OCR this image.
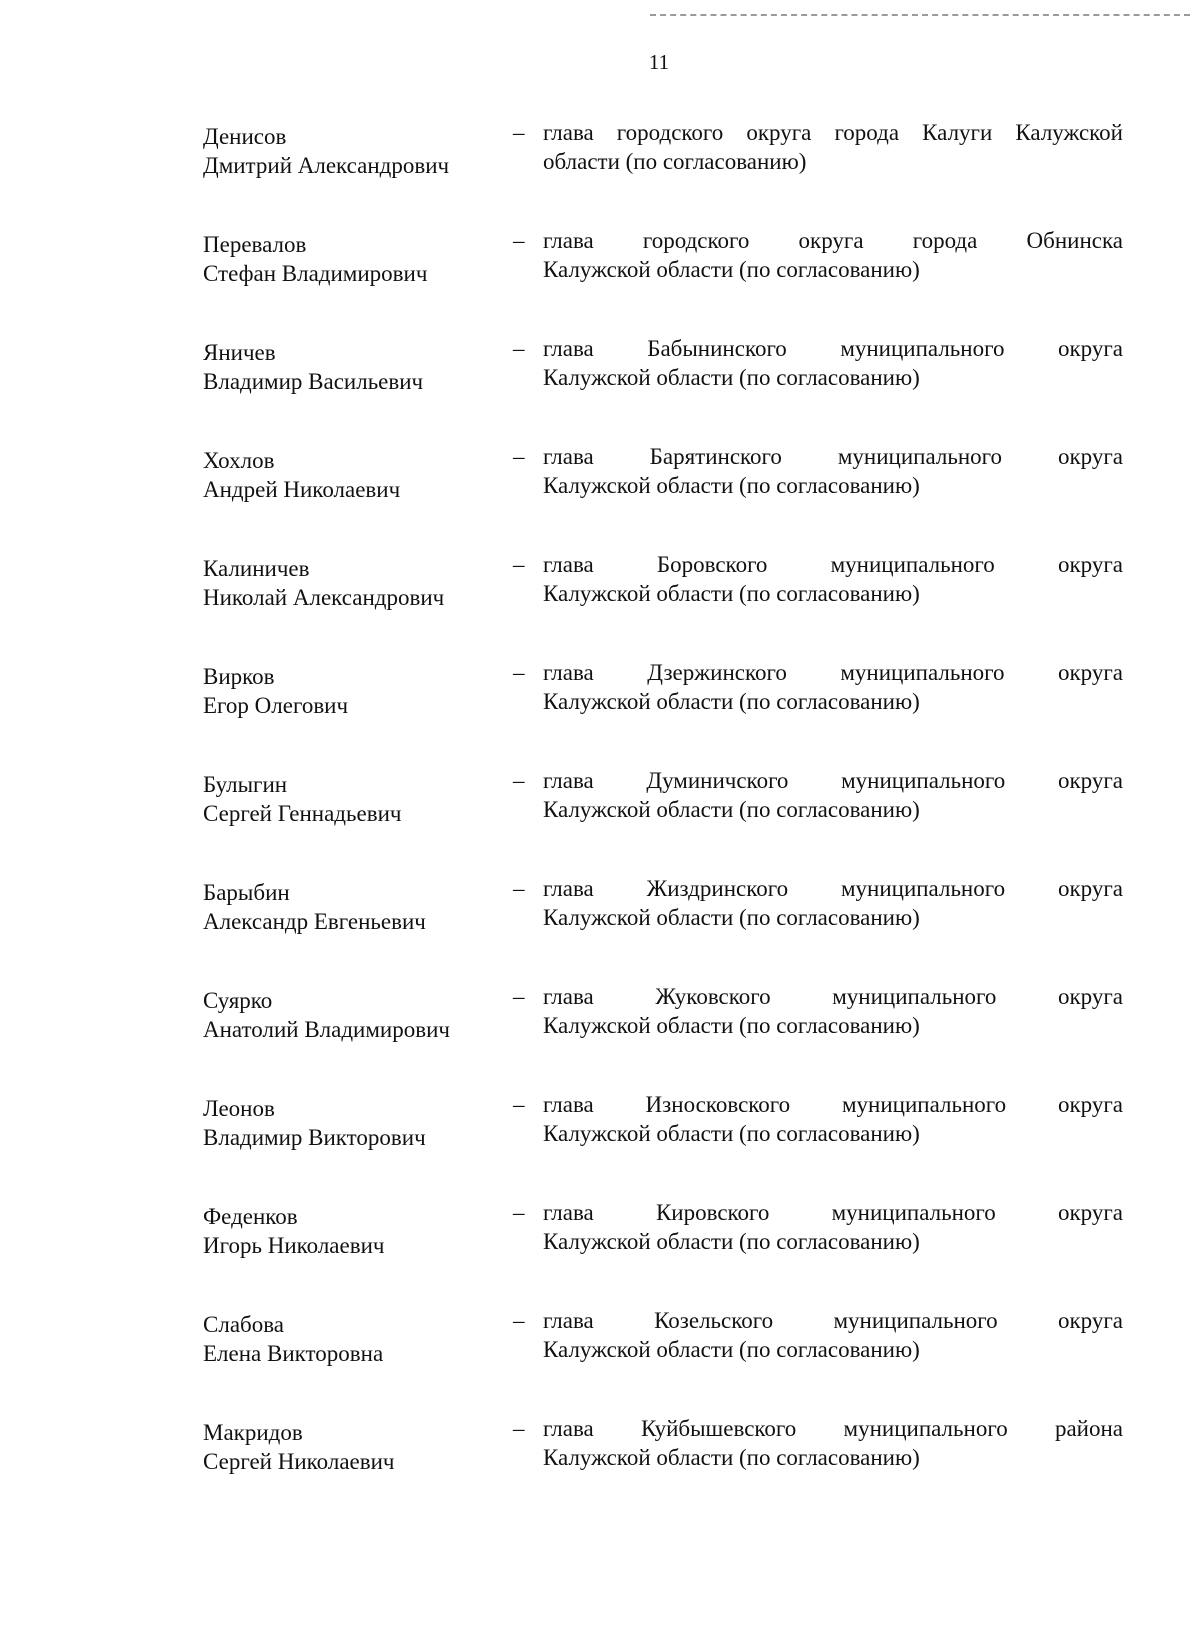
11
Денисов
Дмитрий Александрович
– глава городского округа города Калуги Калужской
области (по согласованию)
Перевалов
Стефан Владимирович
– глава городского округа города Обнинска
Калужской области (по согласованию)
Яничев
Владимир Васильевич
– глава Бабынинского муниципального округа
Калужской области (по согласованию)
Хохлов
Андрей Николаевич
– глава Барятинского муниципального округа
Калужской области (по согласованию)
Калиничев
Николай Александрович
– глава Боровского муниципального округа
Калужской области (по согласованию)
Вирков
Егор Олегович
– глава Дзержинского муниципального округа
Калужской области (по согласованию)
Булыгин
Сергей Геннадьевич
– глава Думиничского муниципального округа
Калужской области (по согласованию)
Барыбин
Александр Евгеньевич
– глава Жиздринского муниципального округа
Калужской области (по согласованию)
Суярко
Анатолий Владимирович
– глава Жуковского муниципального округа
Калужской области (по согласованию)
Леонов
Владимир Викторович
– глава Износковского муниципального округа
Калужской области (по согласованию)
Феденков
Игорь Николаевич
– глава Кировского муниципального округа
Калужской области (по согласованию)
Слабова
Елена Викторовна
– глава Козельского муниципального округа
Калужской области (по согласованию)
Макридов
Сергей Николаевич
– глава Куйбышевского муниципального района
Калужской области (по согласованию)
